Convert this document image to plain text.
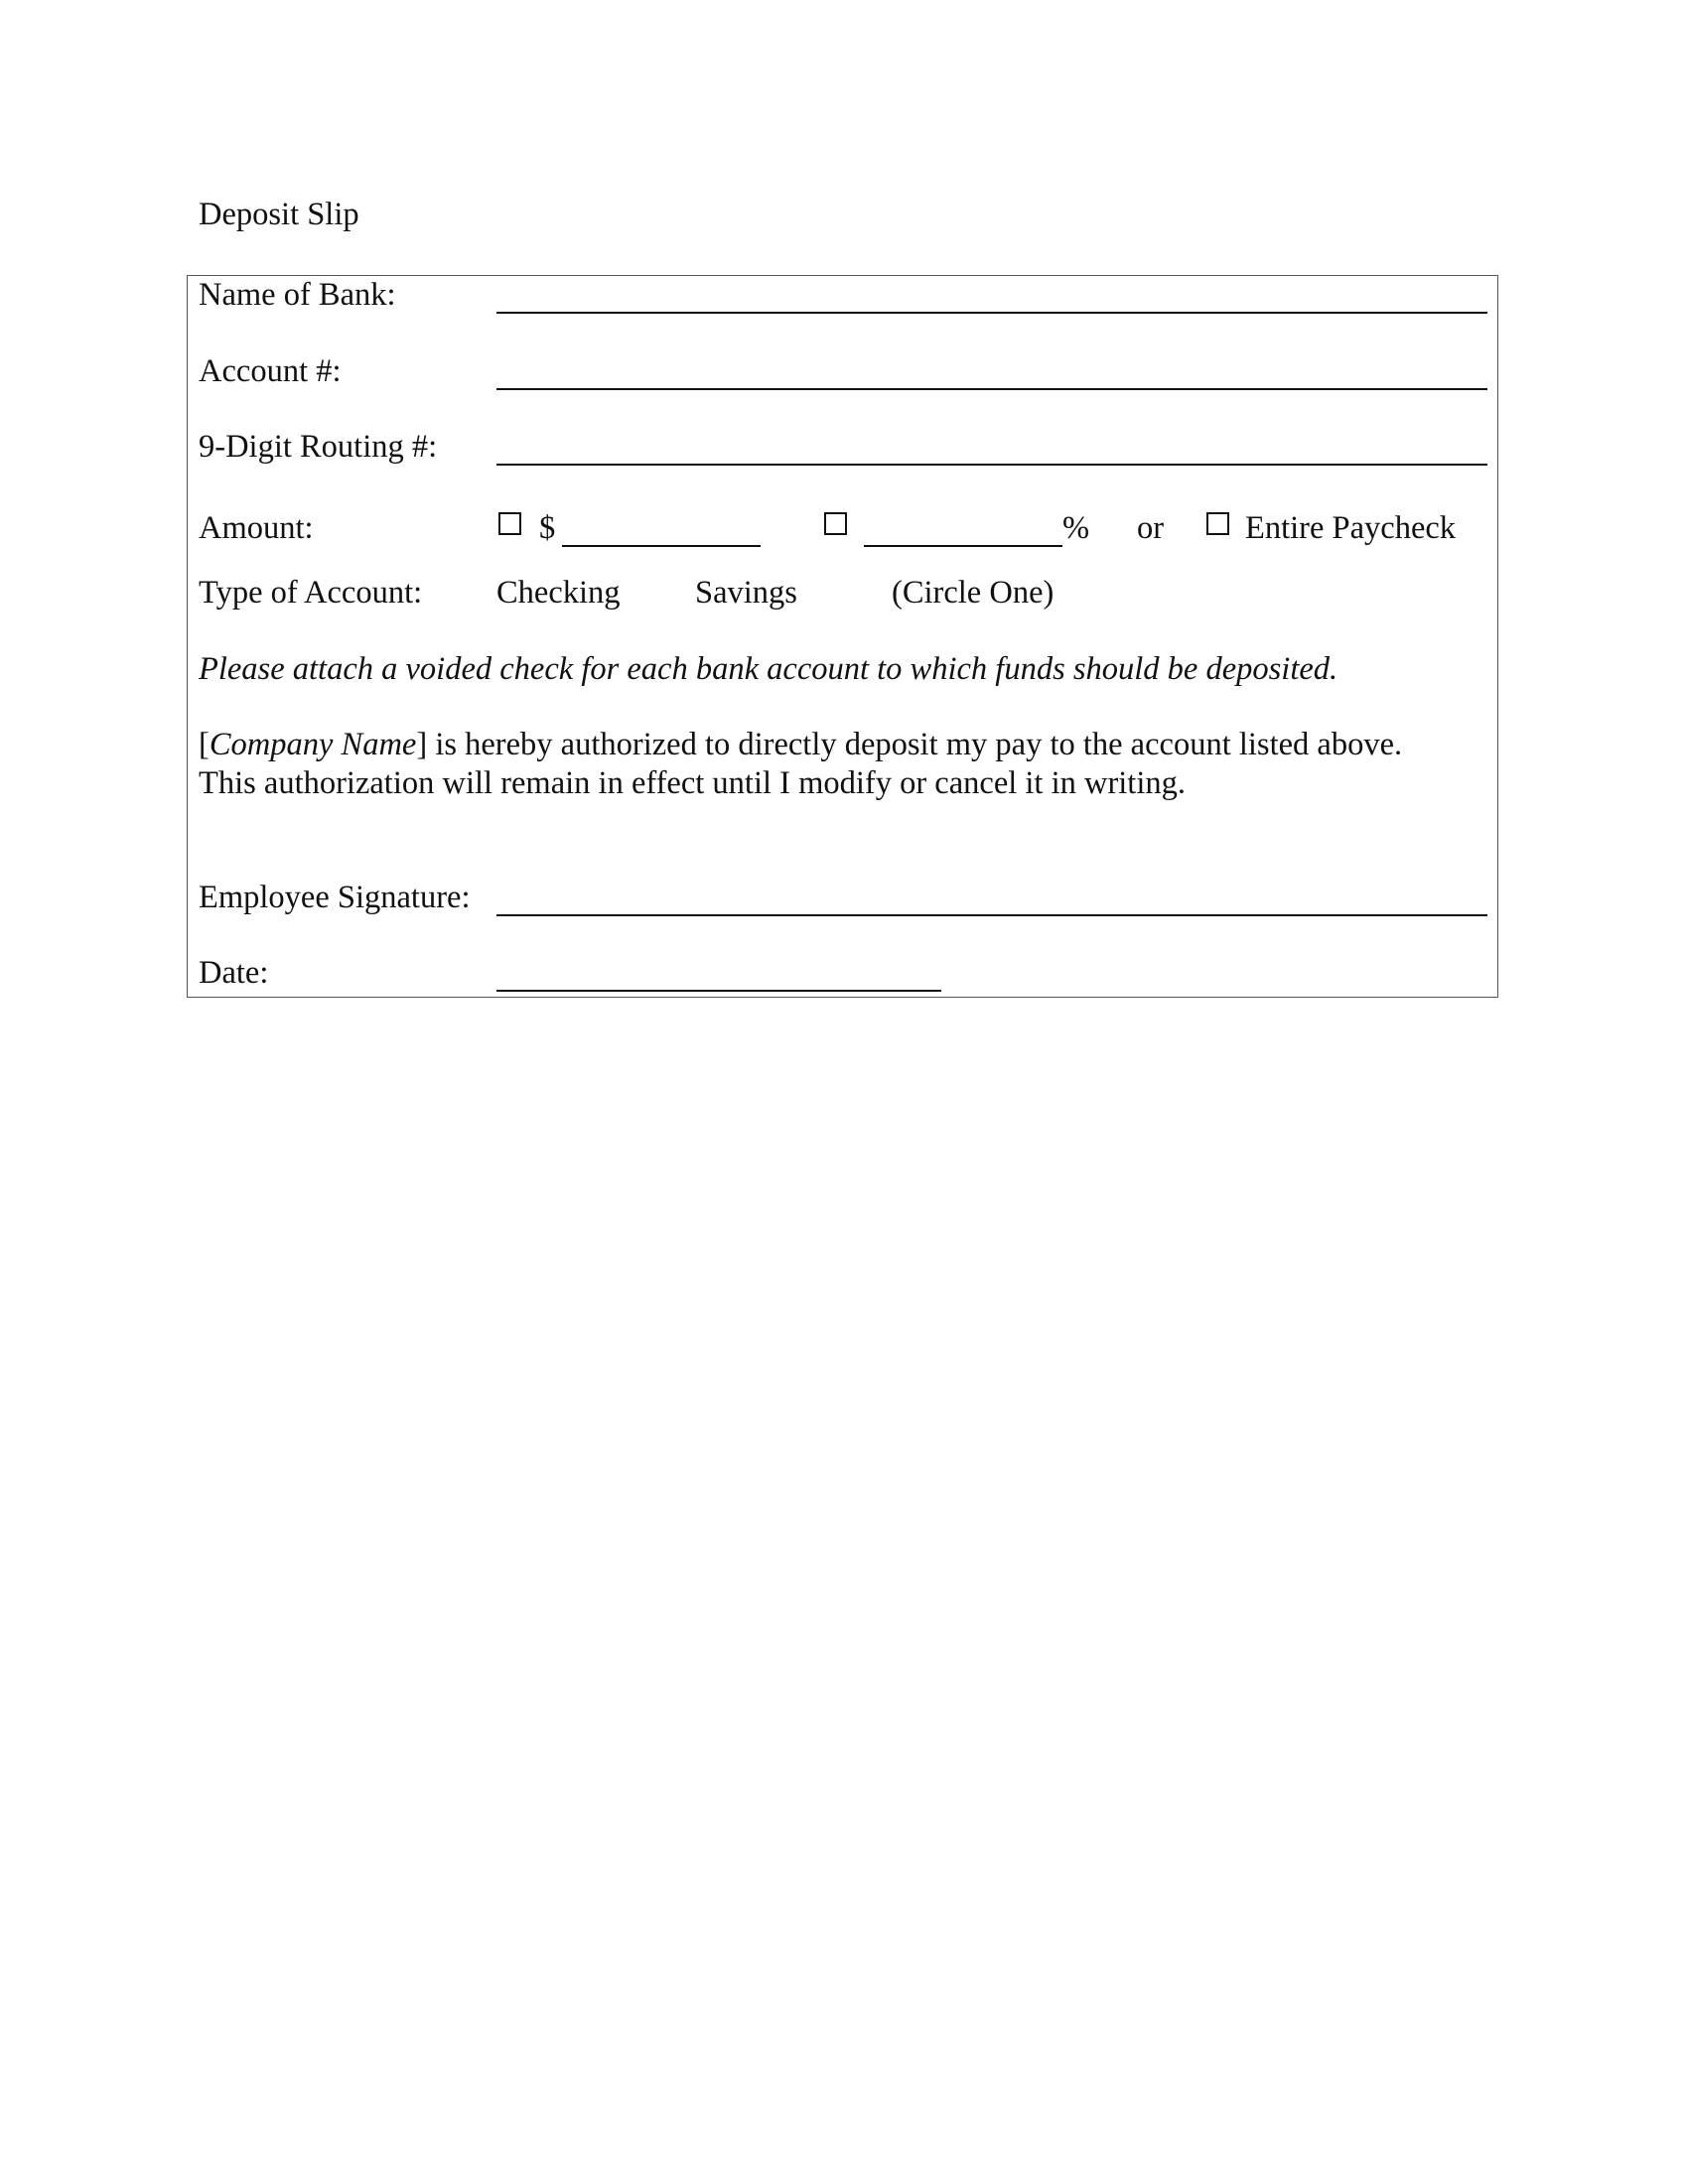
Deposit Slip
Name of Bank:
Account #:
9-Digit Routing #:
Amount:	$	% or	Entire Paycheck
Type of Account: Checking Savings	(Circle One)
Please attach a voided check for each bank account to which funds should be deposited.
[Company Name] is hereby authorized to directly deposit my pay to the account listed above.
This authorization will remain in effect until I modify or cancel it in writing.
Employee Signature:
Date:
